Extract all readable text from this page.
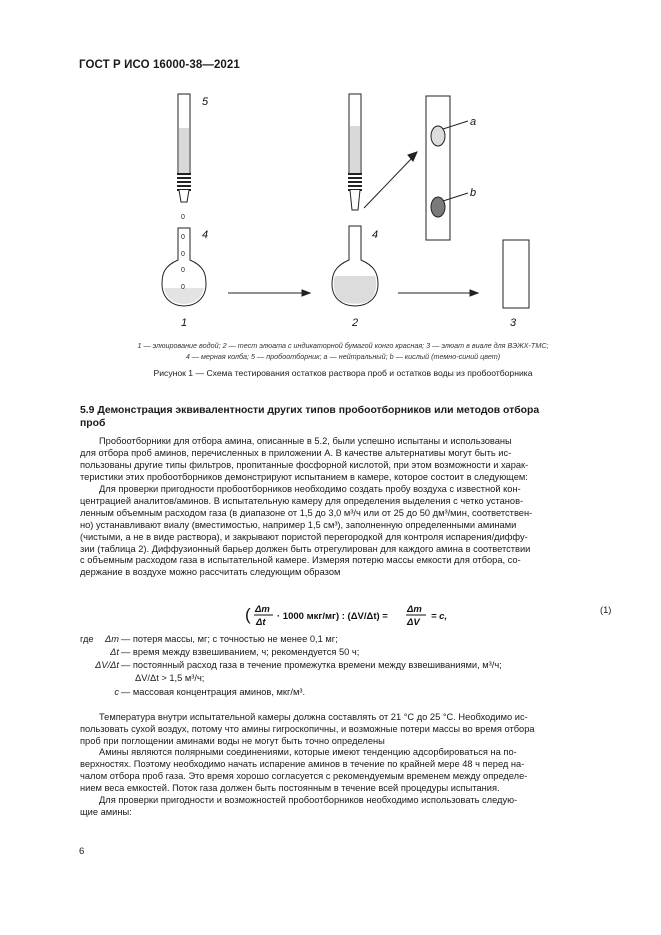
ГОСТ Р ИСО 16000-38—2021
5
4	4
1	2	3
a
b
0
0
0
0
0
1 — элюирование водой; 2 — тест элюата с индикаторной бумагой конго красная; 3 — элюат в виале для ВЭЖХ-ТМС;
4 — мерная колба; 5 — пробоотборник; a — нейтральный; b — кислый (темно-синий цвет)
Рисунок 1 — Схема тестирования остатков раствора проб и остатков воды из пробоотборника
5.9 Демонстрация эквивалентности других типов пробоотборников или методов отбора
проб
Пробоотборники для отбора амина, описанные в 5.2, были успешно испытаны и использованы
для отбора проб аминов, перечисленных в приложении А. В качестве альтернативы могут быть ис-
пользованы другие типы фильтров, пропитанные фосфорной кислотой, при этом возможности и харак-
теристики этих пробоотборников демонстрируют испытанием в камере, которое состоит в следующем:
Для проверки пригодности пробоотборников необходимо создать пробу воздуха с известной кон-
центрацией аналитов/аминов. В испытательную камеру для определения выделения с четко установ-
ленным объемным расходом газа (в диапазоне от 1,5 до 3,0 м³/ч или от 25 до 50 дм³/мин, соответствен-
но) устанавливают виалу (вместимостью, например 1,5 см³), заполненную определенными аминами
(чистыми, а не в виде раствора), и закрывают пористой перегородкой для контроля испарения/диффу-
зии (таблица 2). Диффузионный барьер должен быть отрегулирован для каждого амина в соответствии
с объемным расходом газа в испытательной камере. Измеряя потерю массы емкости для отбора, со-
держание в воздухе можно рассчитать следующим образом
( Δm
Δt
· 1000 мкг/мг) : (ΔV/Δt) =
Δm
ΔV
= c,
(1)
где	Δm — потеря массы, мг; с точностью не менее 0,1 мг;
Δt — время между взвешиванием, ч; рекомендуется 50 ч;
ΔV/Δt — постоянный расход газа в течение промежутка времени между взвешиваниями, м³/ч;
ΔV/Δt > 1,5 м³/ч;
c — массовая концентрация аминов, мкг/м³.
Температура внутри испытательной камеры должна составлять от 21 °C до 25 °C. Необходимо ис-
пользовать сухой воздух, потому что амины гигроскопичны, и возможные потери массы во время отбора
проб при поглощении аминами воды не могут быть точно определены
Амины являются полярными соединениями, которые имеют тенденцию адсорбироваться на по-
верхностях. Поэтому необходимо начать испарение аминов в течение по крайней мере 48 ч перед на-
чалом отбора проб газа. Это время хорошо согласуется с рекомендуемым временем между определе-
нием веса емкостей. Поток газа должен быть постоянным в течение всей процедуры испытания.
Для проверки пригодности и возможностей пробоотборников необходимо использовать следую-
щие амины:
6
